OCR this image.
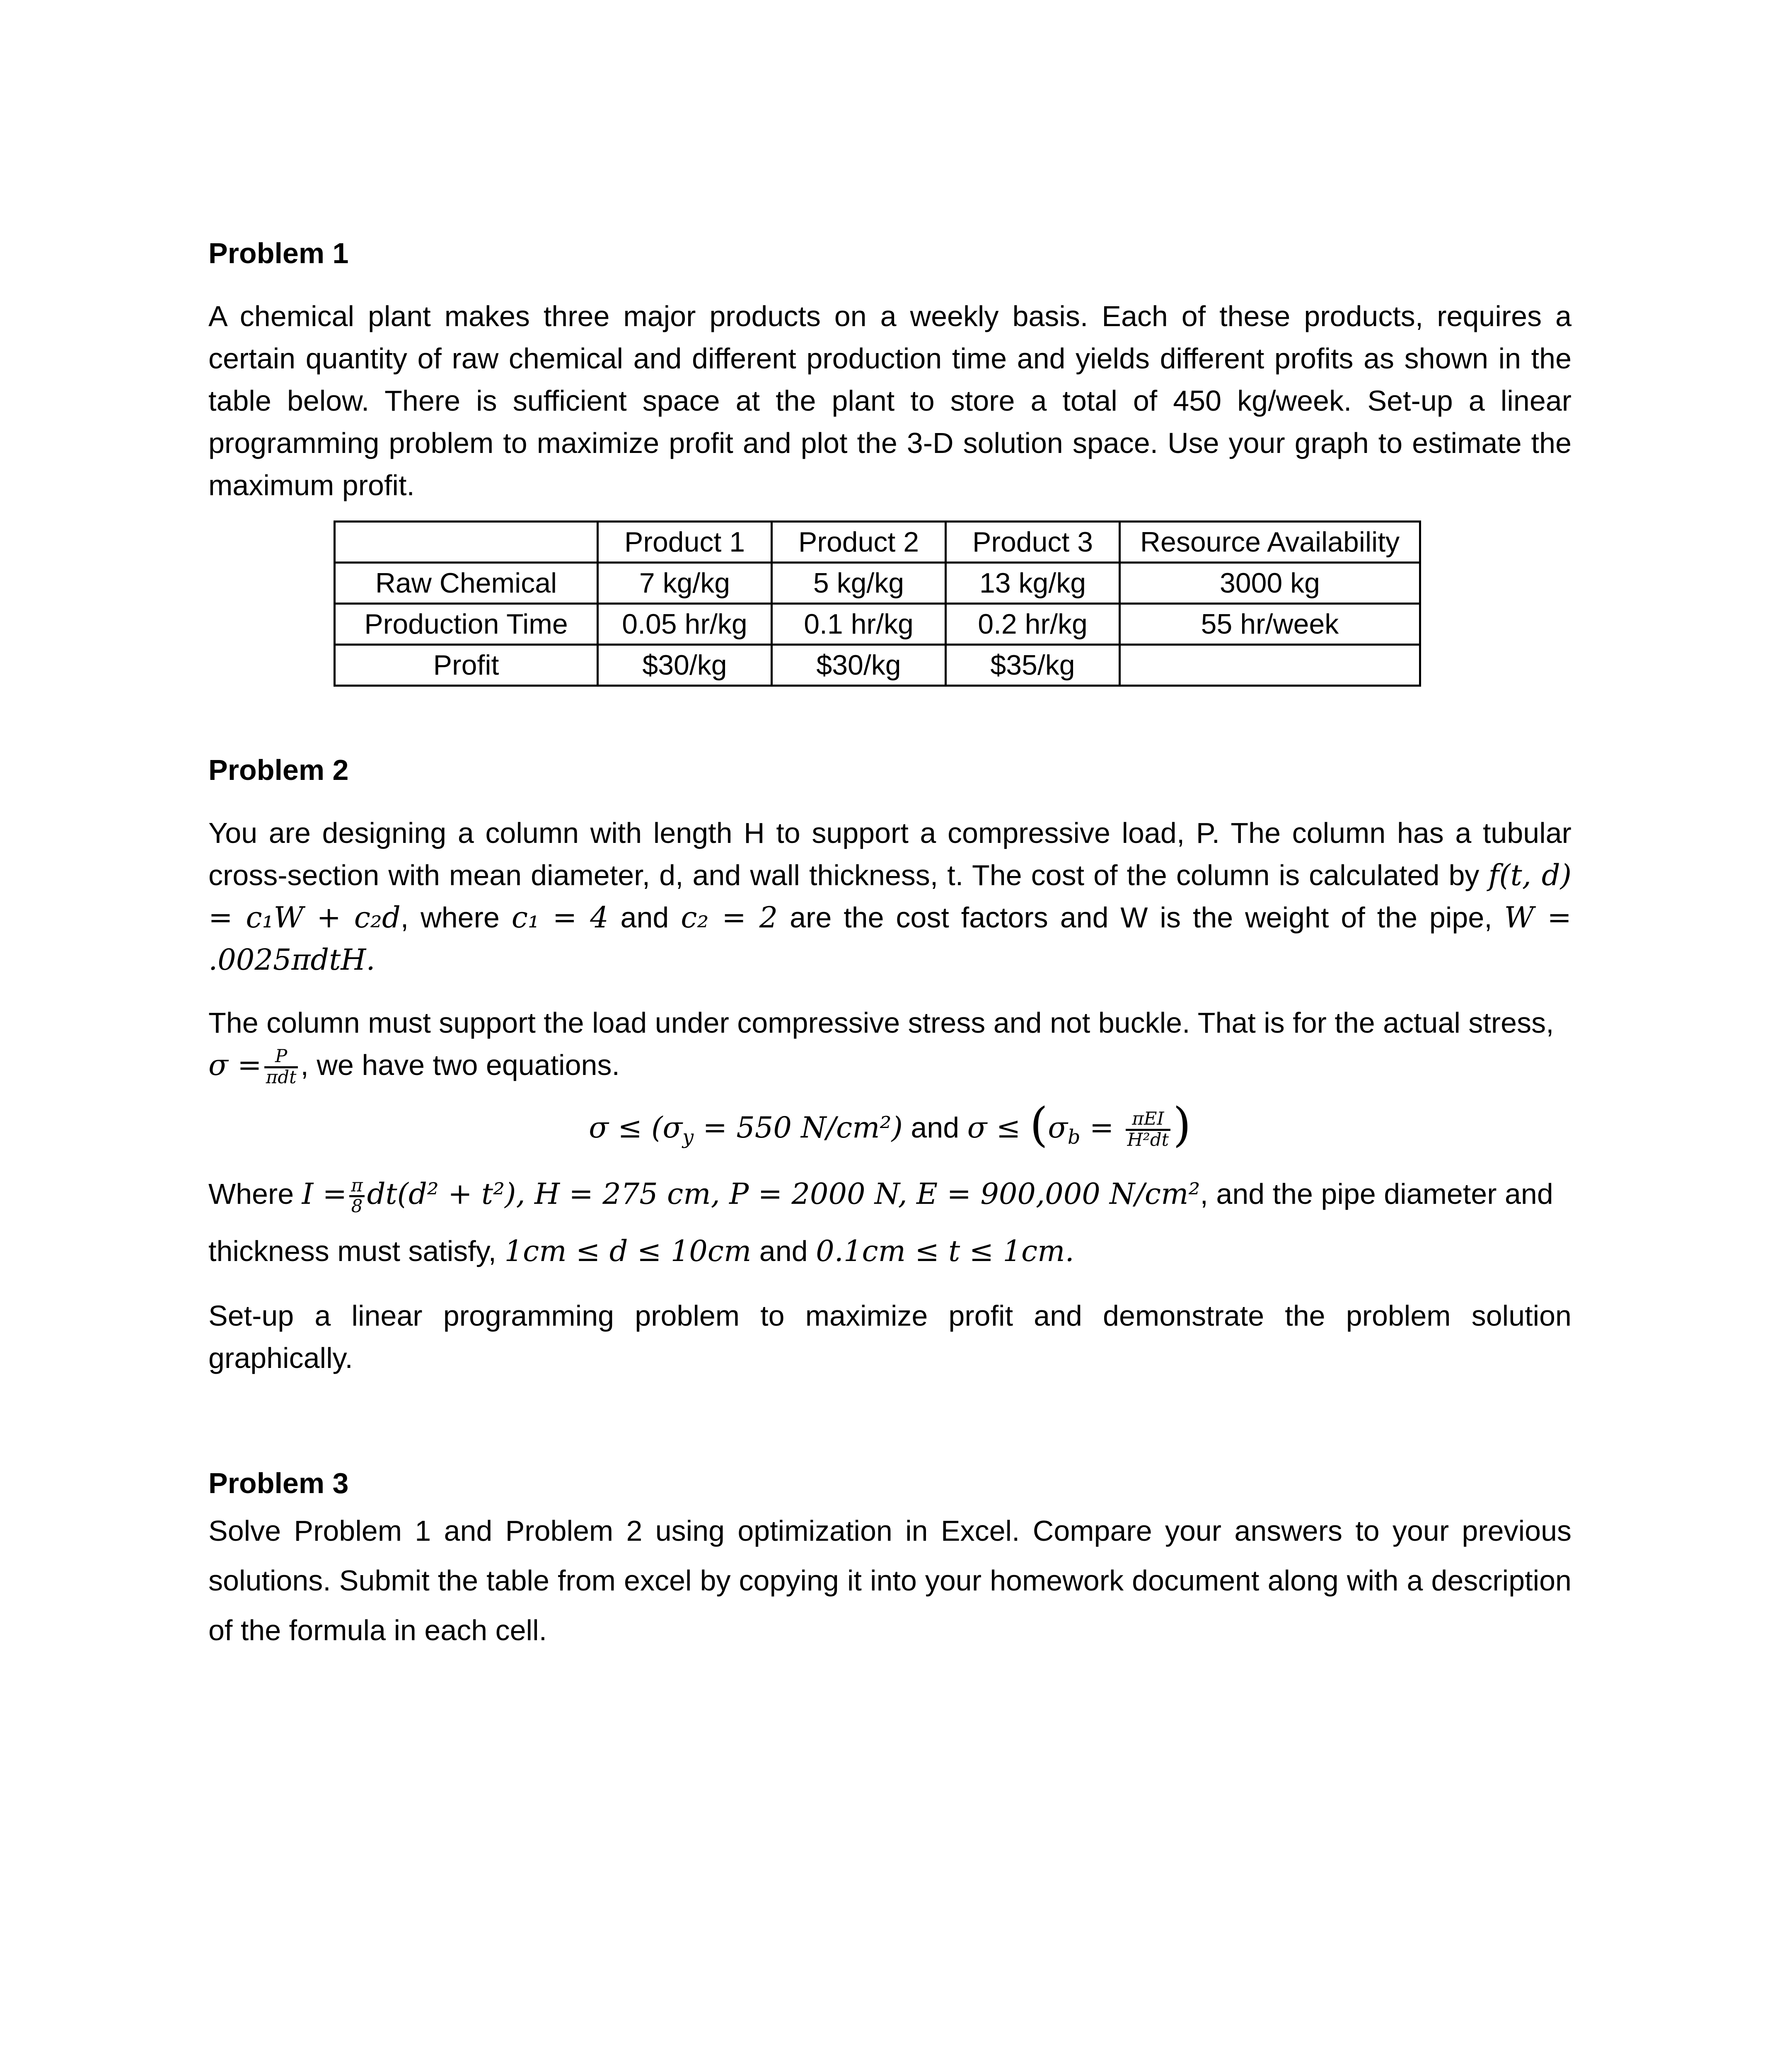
Problem 1

A chemical plant makes three major products on a weekly basis. Each of these products, requires a certain quantity of raw chemical and different production time and yields different profits as shown in the table below. There is sufficient space at the plant to store a total of 450 kg/week. Set-up a linear programming problem to maximize profit and plot the 3-D solution space. Use your graph to estimate the maximum profit.

	Product 1	Product 2	Product 3	Resource Availability
Raw Chemical	7 kg/kg	5 kg/kg	13 kg/kg	3000 kg
Production Time	0.05 hr/kg	0.1 hr/kg	0.2 hr/kg	55 hr/week
Profit	$30/kg	$30/kg	$35/kg	
Problem 2

You are designing a column with length H to support a compressive load, P. The column has a tubular cross-section with mean diameter, d, and wall thickness, t. The cost of the column is calculated by f(t, d) = c₁W + c₂d, where c₁ = 4 and c₂ = 2 are the cost factors and W is the weight of the pipe, W = .0025πdtH.

The column must support the load under compressive stress and not buckle. That is for the actual stress,
$\sigma = \frac{P}{\text{πdt}}$ , we have two equations.

$\sigma \le (\sigma_y = 550$ N/cm²) and $\sigma \le (\sigma_b = \frac{\text{πEI}}{\text{H²dt}}$ )

Where $I = \frac{\pi}{8} dt(d^2 + t^2)$, H = 275 cm, P = 2000 N, E = 900,000 N/cm², and the pipe diameter and thickness must satisfy, 1cm ≤ d ≤ 10cm and 0.1cm ≤ t ≤ 1cm.

Set-up a linear programming problem to maximize profit and demonstrate the problem solution graphically.

Problem 3

Solve Problem 1 and Problem 2 using optimization in Excel. Compare your answers to your previous solutions. Submit the table from excel by copying it into your homework document along with a description of the formula in each cell.
